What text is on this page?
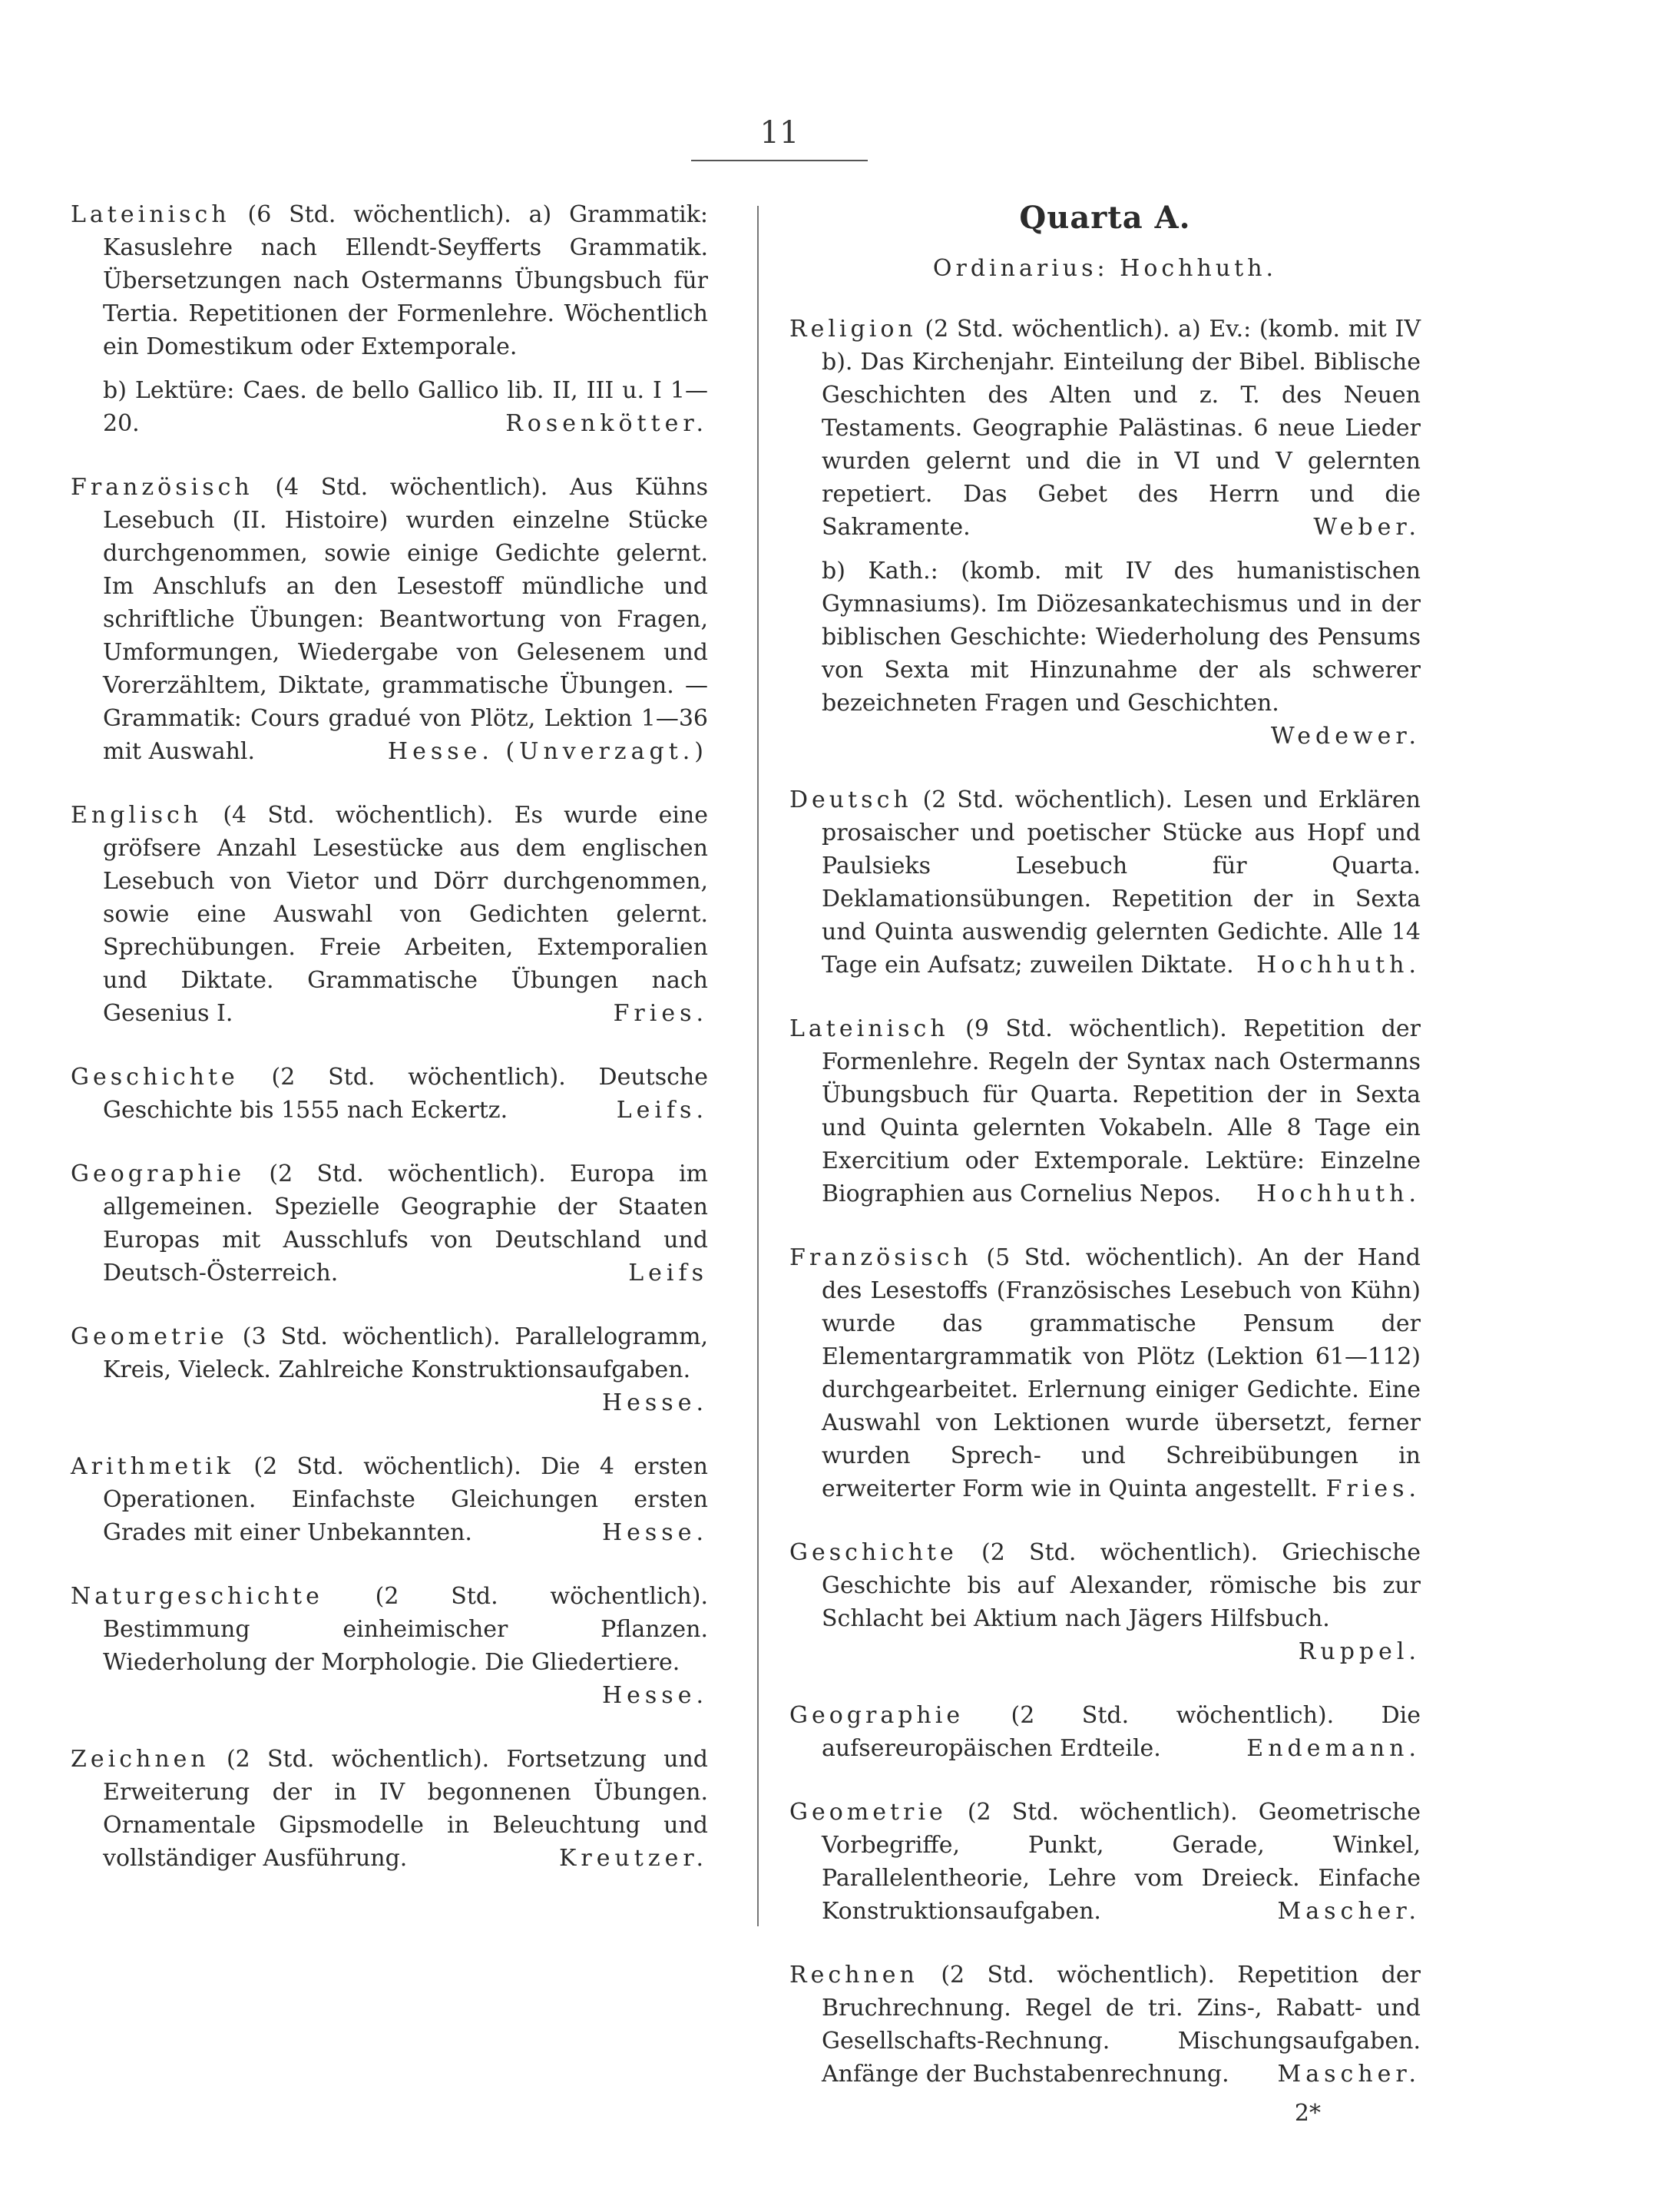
11

Lateinisch (6 Std. wöchentlich). a) Grammatik: Kasuslehre nach Ellendt-Seyfferts Grammatik. Übersetzungen nach Ostermanns Übungsbuch für Tertia. Repetitionen der Formenlehre. Wöchentlich ein Domestikum oder Extemporale.

b) Lektüre: Caes. de bello Gallico lib. II, III u. I 1—20.	Rosenkötter.

Französisch (4 Std. wöchentlich). Aus Kühns Lesebuch (II. Histoire) wurden einzelne Stücke durchgenommen, sowie einige Gedichte gelernt. Im Anschlufs an den Lesestoff mündliche und schriftliche Übungen: Beantwortung von Fragen, Umformungen, Wiedergabe von Gelesenem und Vorerzähltem, Diktate, grammatische Übungen. — Grammatik: Cours gradué von Plötz, Lektion 1—36 mit Auswahl.	Hesse. (Unverzagt.)

Englisch (4 Std. wöchentlich). Es wurde eine gröfsere Anzahl Lesestücke aus dem englischen Lesebuch von Vietor und Dörr durchgenommen, sowie eine Auswahl von Gedichten gelernt. Sprechübungen. Freie Arbeiten, Extemporalien und Diktate. Grammatische Übungen nach Gesenius I.	Fries.

Geschichte (2 Std. wöchentlich). Deutsche Geschichte bis 1555 nach Eckertz.	Leifs.

Geographie (2 Std. wöchentlich). Europa im allgemeinen. Spezielle Geographie der Staaten Europas mit Ausschlufs von Deutschland und Deutsch-Österreich.	Leifs

Geometrie (3 Std. wöchentlich). Parallelogramm, Kreis, Vieleck. Zahlreiche Konstruktionsaufgaben.
Hesse.

Arithmetik (2 Std. wöchentlich). Die 4 ersten Operationen. Einfachste Gleichungen ersten Grades mit einer Unbekannten.	Hesse.

Naturgeschichte (2 Std. wöchentlich). Bestimmung einheimischer Pflanzen. Wiederholung der Morphologie. Die Gliedertiere.
Hesse.

Zeichnen (2 Std. wöchentlich). Fortsetzung und Erweiterung der in IV begonnenen Übungen. Ornamentale Gipsmodelle in Beleuchtung und vollständiger Ausführung.	Kreutzer.

Quarta A.
Ordinarius: Hochhuth.

Religion (2 Std. wöchentlich). a) Ev.: (komb. mit IV b). Das Kirchenjahr. Einteilung der Bibel. Biblische Geschichten des Alten und z. T. des Neuen Testaments. Geographie Palästinas. 6 neue Lieder wurden gelernt und die in VI und V gelernten repetiert. Das Gebet des Herrn und die Sakramente.	Weber.

b) Kath.: (komb. mit IV des humanistischen Gymnasiums). Im Diözesankatechismus und in der biblischen Geschichte: Wiederholung des Pensums von Sexta mit Hinzunahme der als schwerer bezeichneten Fragen und Geschichten.
Wedewer.

Deutsch (2 Std. wöchentlich). Lesen und Erklären prosaischer und poetischer Stücke aus Hopf und Paulsieks Lesebuch für Quarta. Deklamationsübungen. Repetition der in Sexta und Quinta auswendig gelernten Gedichte. Alle 14 Tage ein Aufsatz; zuweilen Diktate. Hochhuth.

Lateinisch (9 Std. wöchentlich). Repetition der Formenlehre. Regeln der Syntax nach Ostermanns Übungsbuch für Quarta. Repetition der in Sexta und Quinta gelernten Vokabeln. Alle 8 Tage ein Exercitium oder Extemporale. Lektüre: Einzelne Biographien aus Cornelius Nepos. Hochhuth.

Französisch (5 Std. wöchentlich). An der Hand des Lesestoffs (Französisches Lesebuch von Kühn) wurde das grammatische Pensum der Elementargrammatik von Plötz (Lektion 61—112) durchgearbeitet. Erlernung einiger Gedichte. Eine Auswahl von Lektionen wurde übersetzt, ferner wurden Sprech- und Schreibübungen in erweiterter Form wie in Quinta angestellt. Fries.

Geschichte (2 Std. wöchentlich). Griechische Geschichte bis auf Alexander, römische bis zur Schlacht bei Aktium nach Jägers Hilfsbuch.
Ruppel.

Geographie (2 Std. wöchentlich). Die aufsereuropäischen Erdteile.	Endemann.

Geometrie (2 Std. wöchentlich). Geometrische Vorbegriffe, Punkt, Gerade, Winkel, Parallelentheorie, Lehre vom Dreieck. Einfache Konstruktionsaufgaben.	Mascher.

Rechnen (2 Std. wöchentlich). Repetition der Bruchrechnung. Regel de tri. Zins-, Rabatt- und Gesellschafts-Rechnung. Mischungsaufgaben. Anfänge der Buchstabenrechnung. Mascher.

2*
